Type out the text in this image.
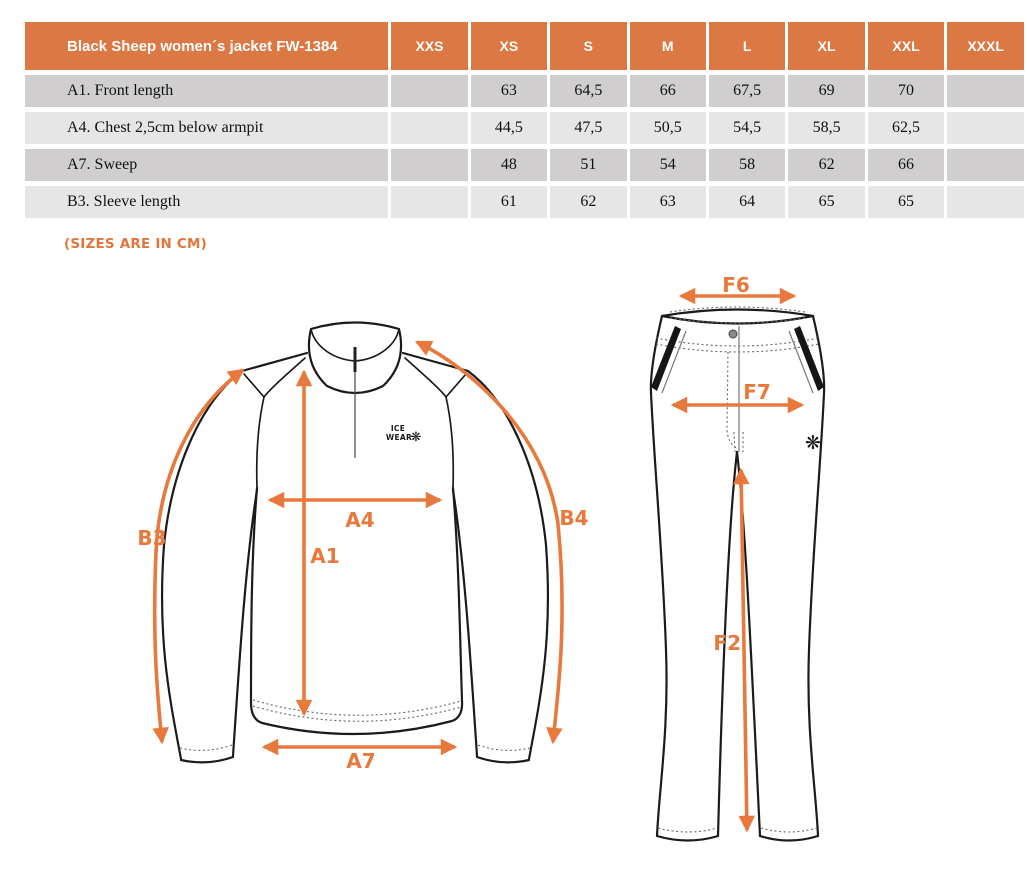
ICE
WEAR
❋
B3
A4
A1
B4
A7
❋
F6
F7
F2
Black Sheep women´s jacket FW-1384	XXS	XS	S	M	L	XL	XXL	XXXL
A1. Front length		63	64,5	66	67,5	69	70	
A4. Chest 2,5cm below armpit		44,5	47,5	50,5	54,5	58,5	62,5	
A7. Sweep		48	51	54	58	62	66	
B3. Sleeve length		61	62	63	64	65	65	
(SIZES ARE IN CM)
